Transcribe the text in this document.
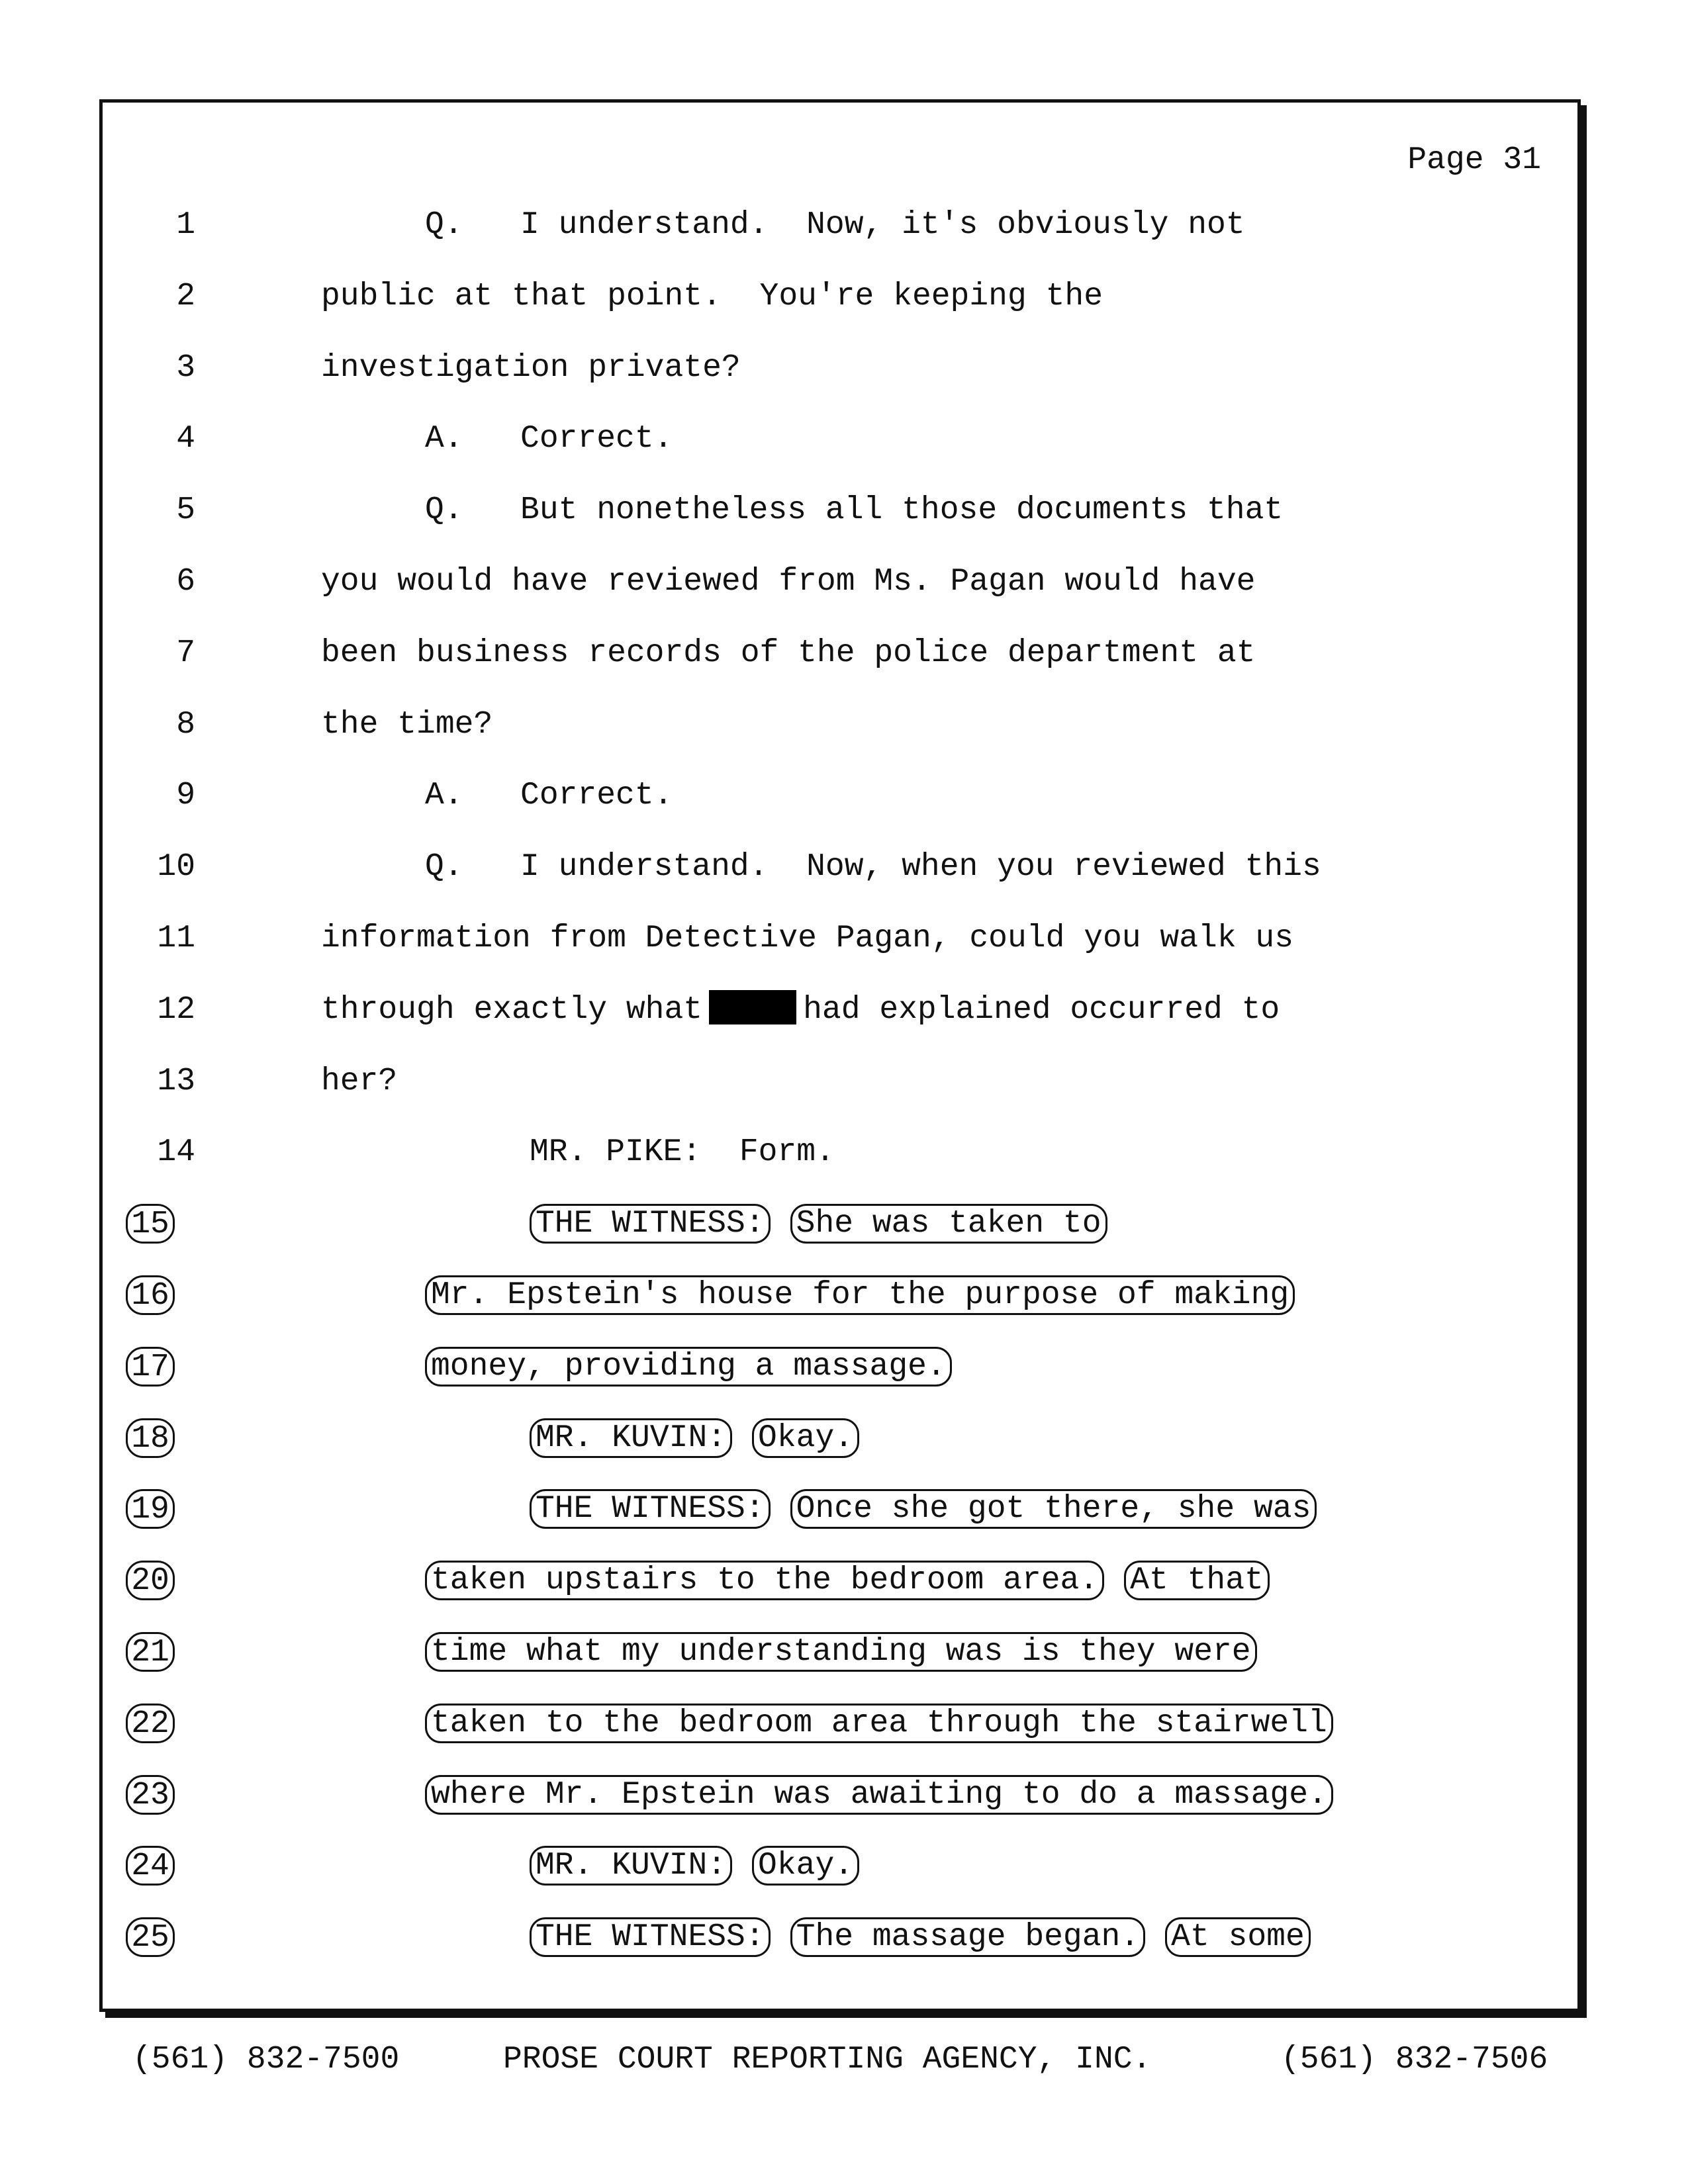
Page 31
1	Q.   I understand.  Now, it's obviously not
2	public at that point.  You're keeping the
3	investigation private?
4	A.   Correct.
5	Q.   But nonetheless all those documents that
6	you would have reviewed from Ms. Pagan would have
7	been business records of the police department at
8	the time?
9	A.   Correct.
10	Q.   I understand.  Now, when you reviewed this
11	information from Detective Pagan, could you walk us
12	through exactly what	had explained occurred to
13	her?
14	MR. PIKE:  Form.
15	THE WITNESS: She was taken to
16	Mr. Epstein's house for the purpose of making
17	money, providing a massage.
18	MR. KUVIN: Okay.
19	THE WITNESS: Once she got there, she was
20	taken upstairs to the bedroom area. At that
21	time what my understanding was is they were
22	taken to the bedroom area through the stairwell
23	where Mr. Epstein was awaiting to do a massage.
24	MR. KUVIN: Okay.
25	THE WITNESS: The massage began. At some
(561) 832-7500	PROSE COURT REPORTING AGENCY, INC.	(561) 832-7506
